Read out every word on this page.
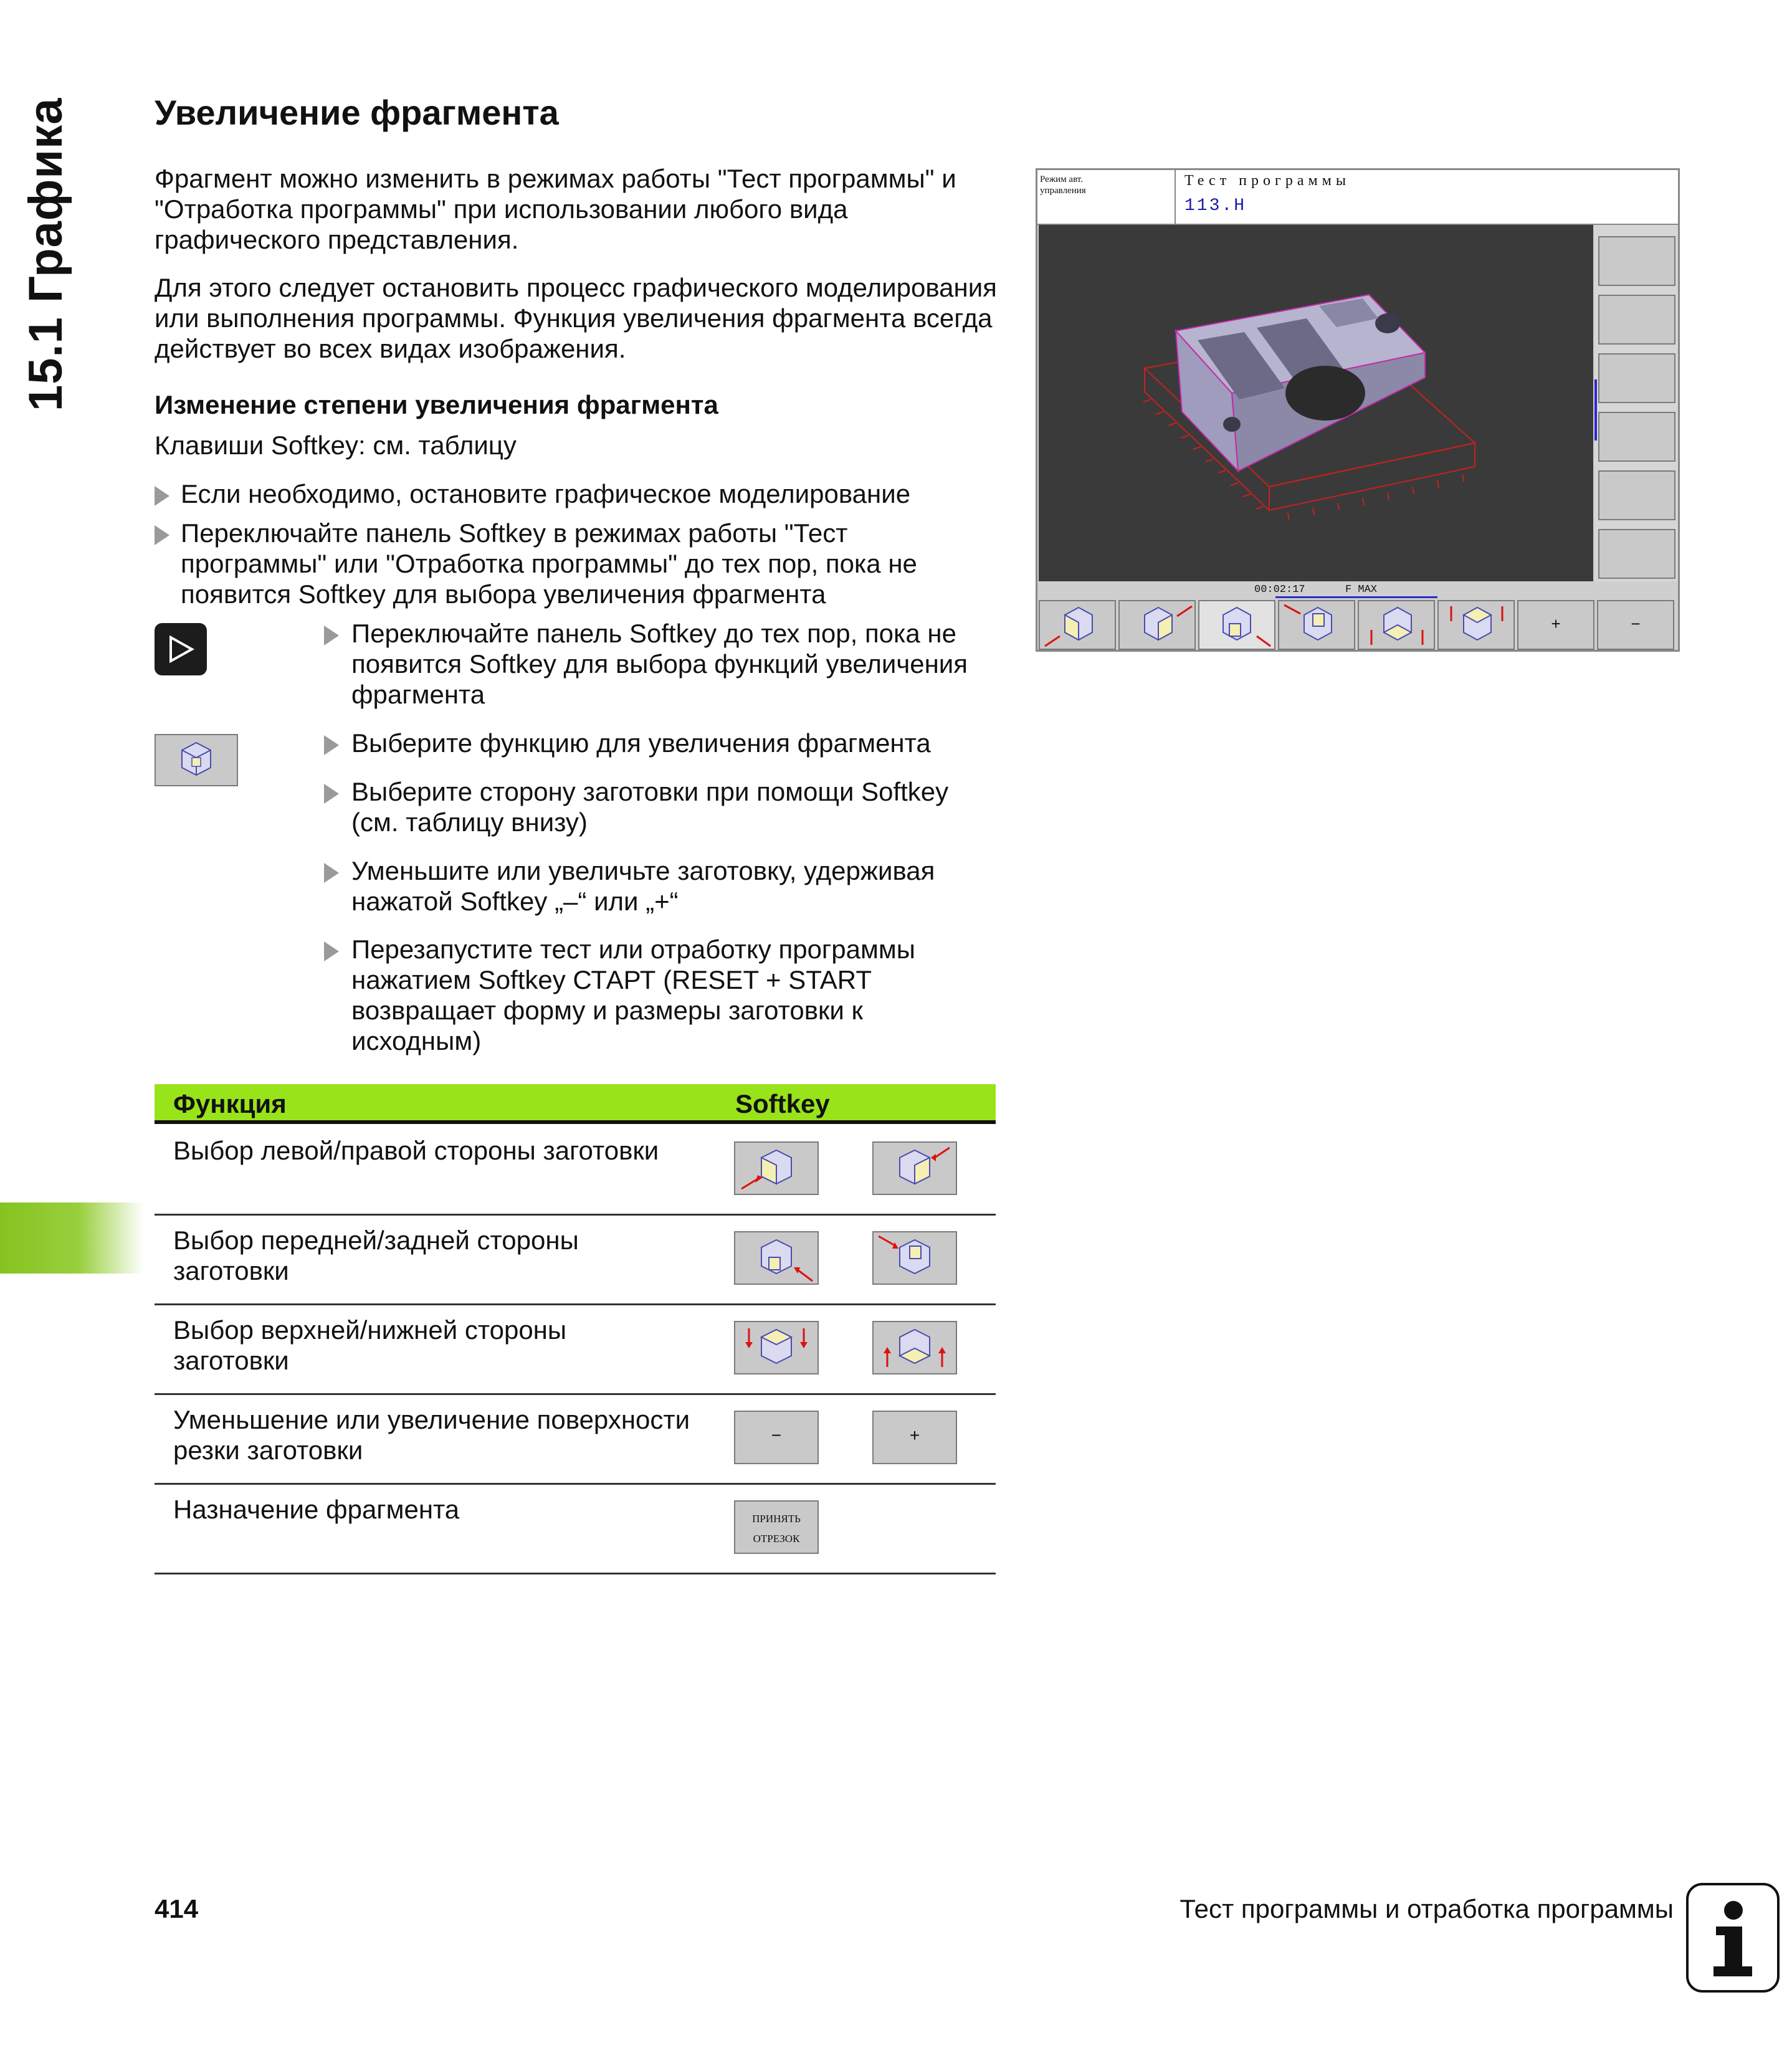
15.1 Графика	Увеличение фрагмента

Фрагмент можно изменить в режимах работы "Тест программы" и "Отработка программы" при использовании любого вида графического представления.

Для этого следует остановить процесс графического моделирования или выполнения программы. Функция увеличения фрагмента всегда действует во всех видах изображения.

Изменение степени увеличения фрагмента

Клавиши Softkey: см. таблицу

Если необходимо, остановите графическое моделирование
Переключайте панель Softkey в режимах работы "Тест программы" или "Отработка программы" до тех пор, пока не появится Softkey для выбора увеличения фрагмента
Переключайте панель Softkey до тех пор, пока не появится Softkey для выбора функций увеличения фрагмента
Выберите функцию для увеличения фрагмента
Выберите сторону заготовки при помощи Softkey (см. таблицу внизу)
Уменьшите или увеличьте заготовку, удерживая нажатой Softkey „–“ или „+“
Перезапустите тест или отработку программы нажатием Softkey СТАРТ (RESET + START возвращает форму и размеры заготовки к исходным)
Функция	Softkey
Выбор левой/правой стороны заготовки
Выбор передней/задней стороны заготовки
Выбор верхней/нижней стороны заготовки
Уменьшение или увеличение поверхности резки заготовки	−	+
Назначение фрагмента	ПРИНЯТЬ
ОТРЕЗОК
Режим авт.
управления
Тест программы
113.H
00:02:17	F MAX
+	−
414	Тест программы и отработка программы
